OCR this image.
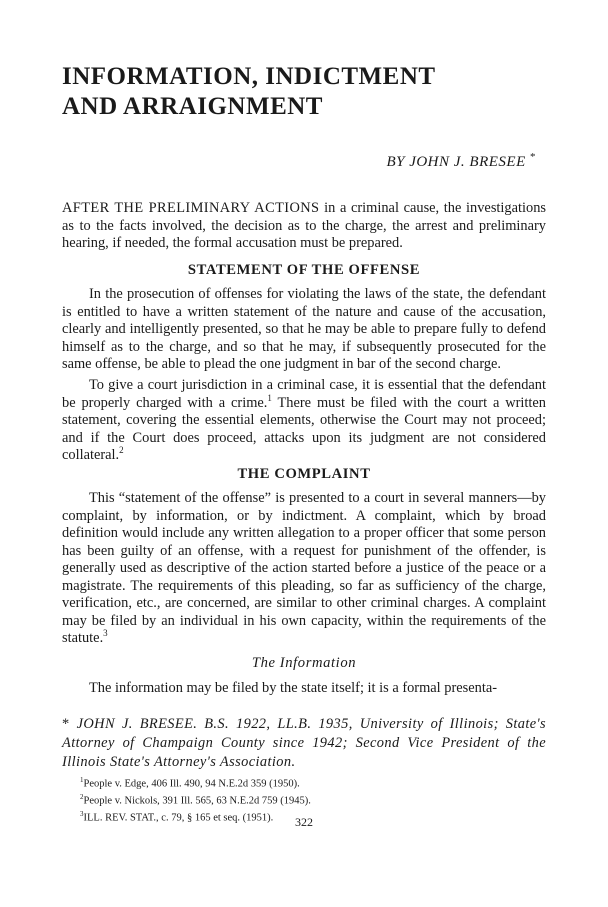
INFORMATION, INDICTMENT
AND ARRAIGNMENT
BY JOHN J. BRESEE *

AFTER THE PRELIMINARY ACTIONS in a criminal cause, the investigations as to the facts involved, the decision as to the charge, the arrest and preliminary hearing, if needed, the formal accusation must be prepared.

STATEMENT OF THE OFFENSE

In the prosecution of offenses for violating the laws of the state, the defendant is entitled to have a written statement of the nature and cause of the accusation, clearly and intelligently presented, so that he may be able to prepare fully to defend himself as to the charge, and so that he may, if subsequently prosecuted for the same offense, be able to plead the one judgment in bar of the second charge.

To give a court jurisdiction in a criminal case, it is essential that the defendant be properly charged with a crime.$^1$ There must be filed with the court a written statement, covering the essential elements, otherwise the Court may not proceed; and if the Court does proceed, attacks upon its judgment are not considered collateral.$^2$

THE COMPLAINT

This “statement of the offense” is presented to a court in several manners—by complaint, by information, or by indictment. A complaint, which by broad definition would include any written allegation to a proper officer that some person has been guilty of an offense, with a request for punishment of the offender, is generally used as descriptive of the action started before a justice of the peace or a magistrate. The requirements of this pleading, so far as sufficiency of the charge, verification, etc., are concerned, are similar to other criminal charges. A complaint may be filed by an individual in his own capacity, within the requirements of the statute.$^3$

The Information

The information may be filed by the state itself; it is a formal presenta-

* JOHN J. BRESEE. B.S. 1922, LL.B. 1935, University of Illinois; State's Attorney of Champaign County since 1942; Second Vice President of the Illinois State's Attorney's Association.

$^1$People v. Edge, 406 Ill. 490, 94 N.E.2d 359 (1950).
$^2$People v. Nickols, 391 Ill. 565, 63 N.E.2d 759 (1945).
$^3$ILL. REV. STAT., c. 79, § 165 et seq. (1951).	322
